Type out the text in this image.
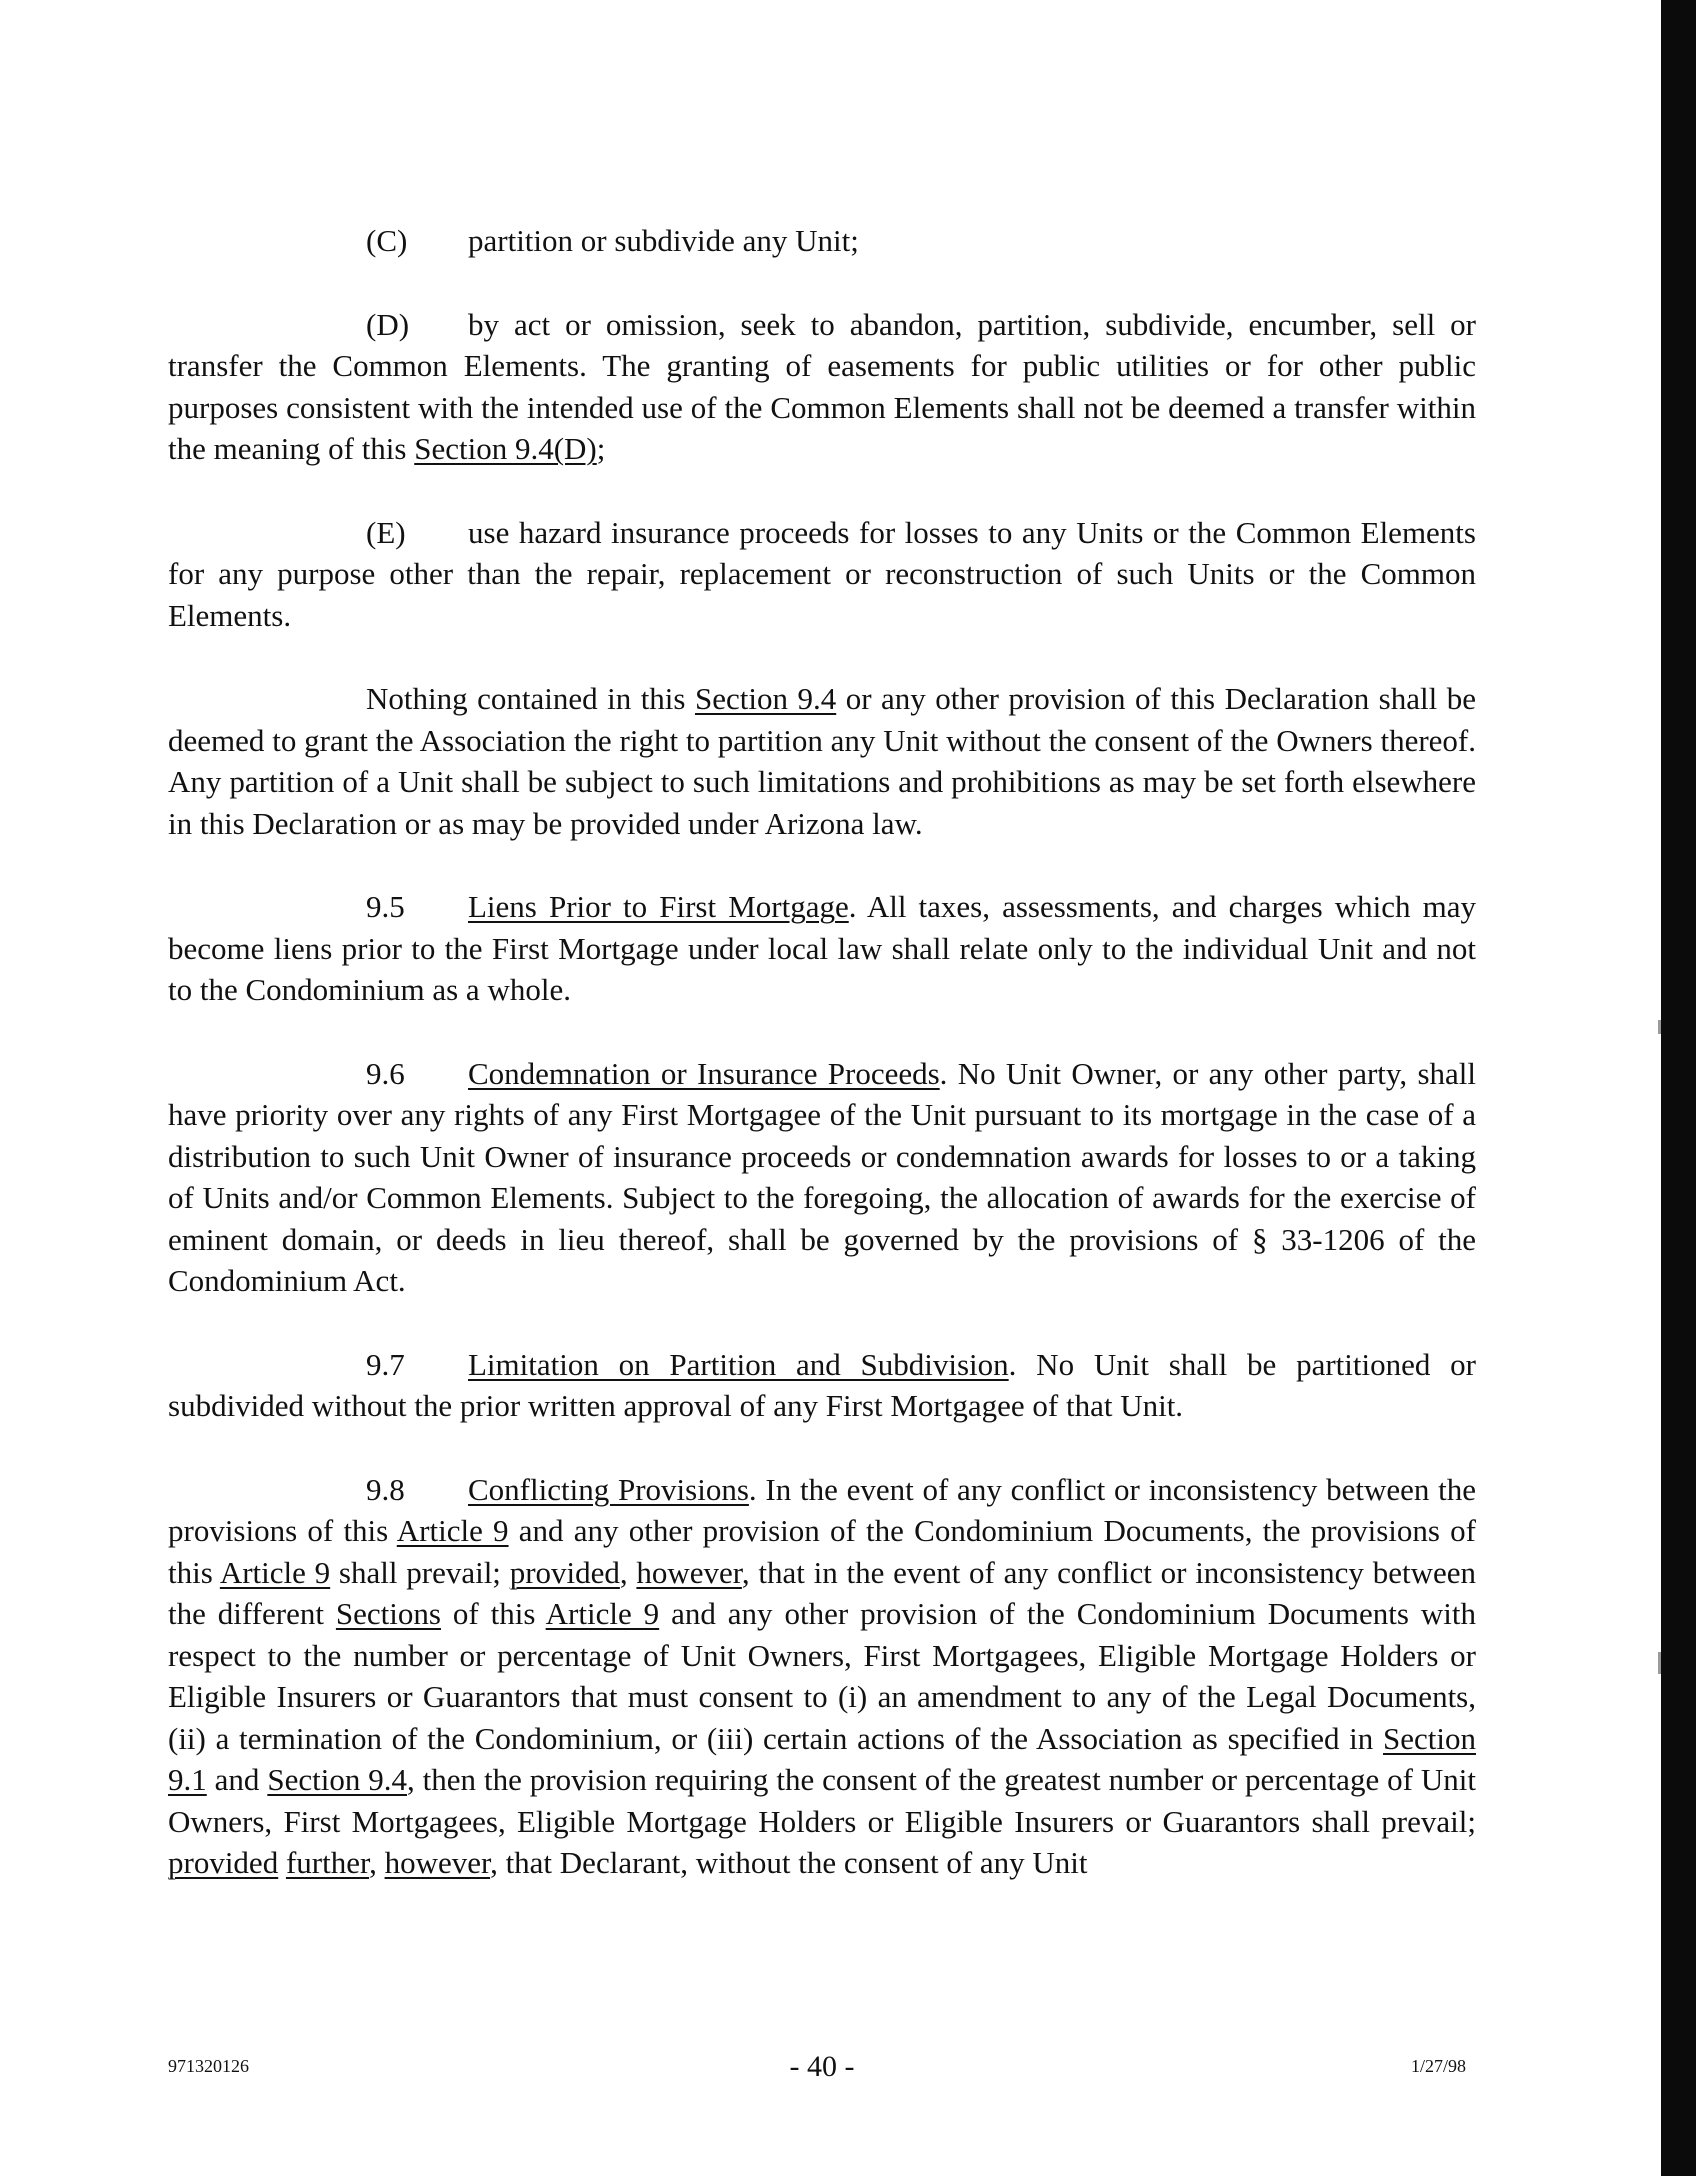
(C) partition or subdivide any Unit;

(D) by act or omission, seek to abandon, partition, subdivide, encumber, sell or transfer the Common Elements. The granting of easements for public utilities or for other public purposes consistent with the intended use of the Common Elements shall not be deemed a transfer within the meaning of this Section 9.4(D);

(E) use hazard insurance proceeds for losses to any Units or the Common Elements for any purpose other than the repair, replacement or reconstruction of such Units or the Common Elements.

Nothing contained in this Section 9.4 or any other provision of this Declaration shall be deemed to grant the Association the right to partition any Unit without the consent of the Owners thereof. Any partition of a Unit shall be subject to such limitations and prohibitions as may be set forth elsewhere in this Declaration or as may be provided under Arizona law.

9.5 Liens Prior to First Mortgage. All taxes, assessments, and charges which may become liens prior to the First Mortgage under local law shall relate only to the individual Unit and not to the Condominium as a whole.

9.6 Condemnation or Insurance Proceeds. No Unit Owner, or any other party, shall have priority over any rights of any First Mortgagee of the Unit pursuant to its mortgage in the case of a distribution to such Unit Owner of insurance proceeds or condemnation awards for losses to or a taking of Units and/or Common Elements. Subject to the foregoing, the allocation of awards for the exercise of eminent domain, or deeds in lieu thereof, shall be governed by the provisions of § 33-1206 of the Condominium Act.

9.7 Limitation on Partition and Subdivision. No Unit shall be partitioned or subdivided without the prior written approval of any First Mortgagee of that Unit.

9.8 Conflicting Provisions. In the event of any conflict or inconsistency between the provisions of this Article 9 and any other provision of the Condominium Documents, the provisions of this Article 9 shall prevail; provided, however, that in the event of any conflict or inconsistency between the different Sections of this Article 9 and any other provision of the Condominium Documents with respect to the number or percentage of Unit Owners, First Mortgagees, Eligible Mortgage Holders or Eligible Insurers or Guarantors that must consent to (i) an amendment to any of the Legal Documents, (ii) a termination of the Condominium, or (iii) certain actions of the Association as specified in Section 9.1 and Section 9.4, then the provision requiring the consent of the greatest number or percentage of Unit Owners, First Mortgagees, Eligible Mortgage Holders or Eligible Insurers or Guarantors shall prevail; provided further, however, that Declarant, without the consent of any Unit

971320126	- 40 -	1/27/98
